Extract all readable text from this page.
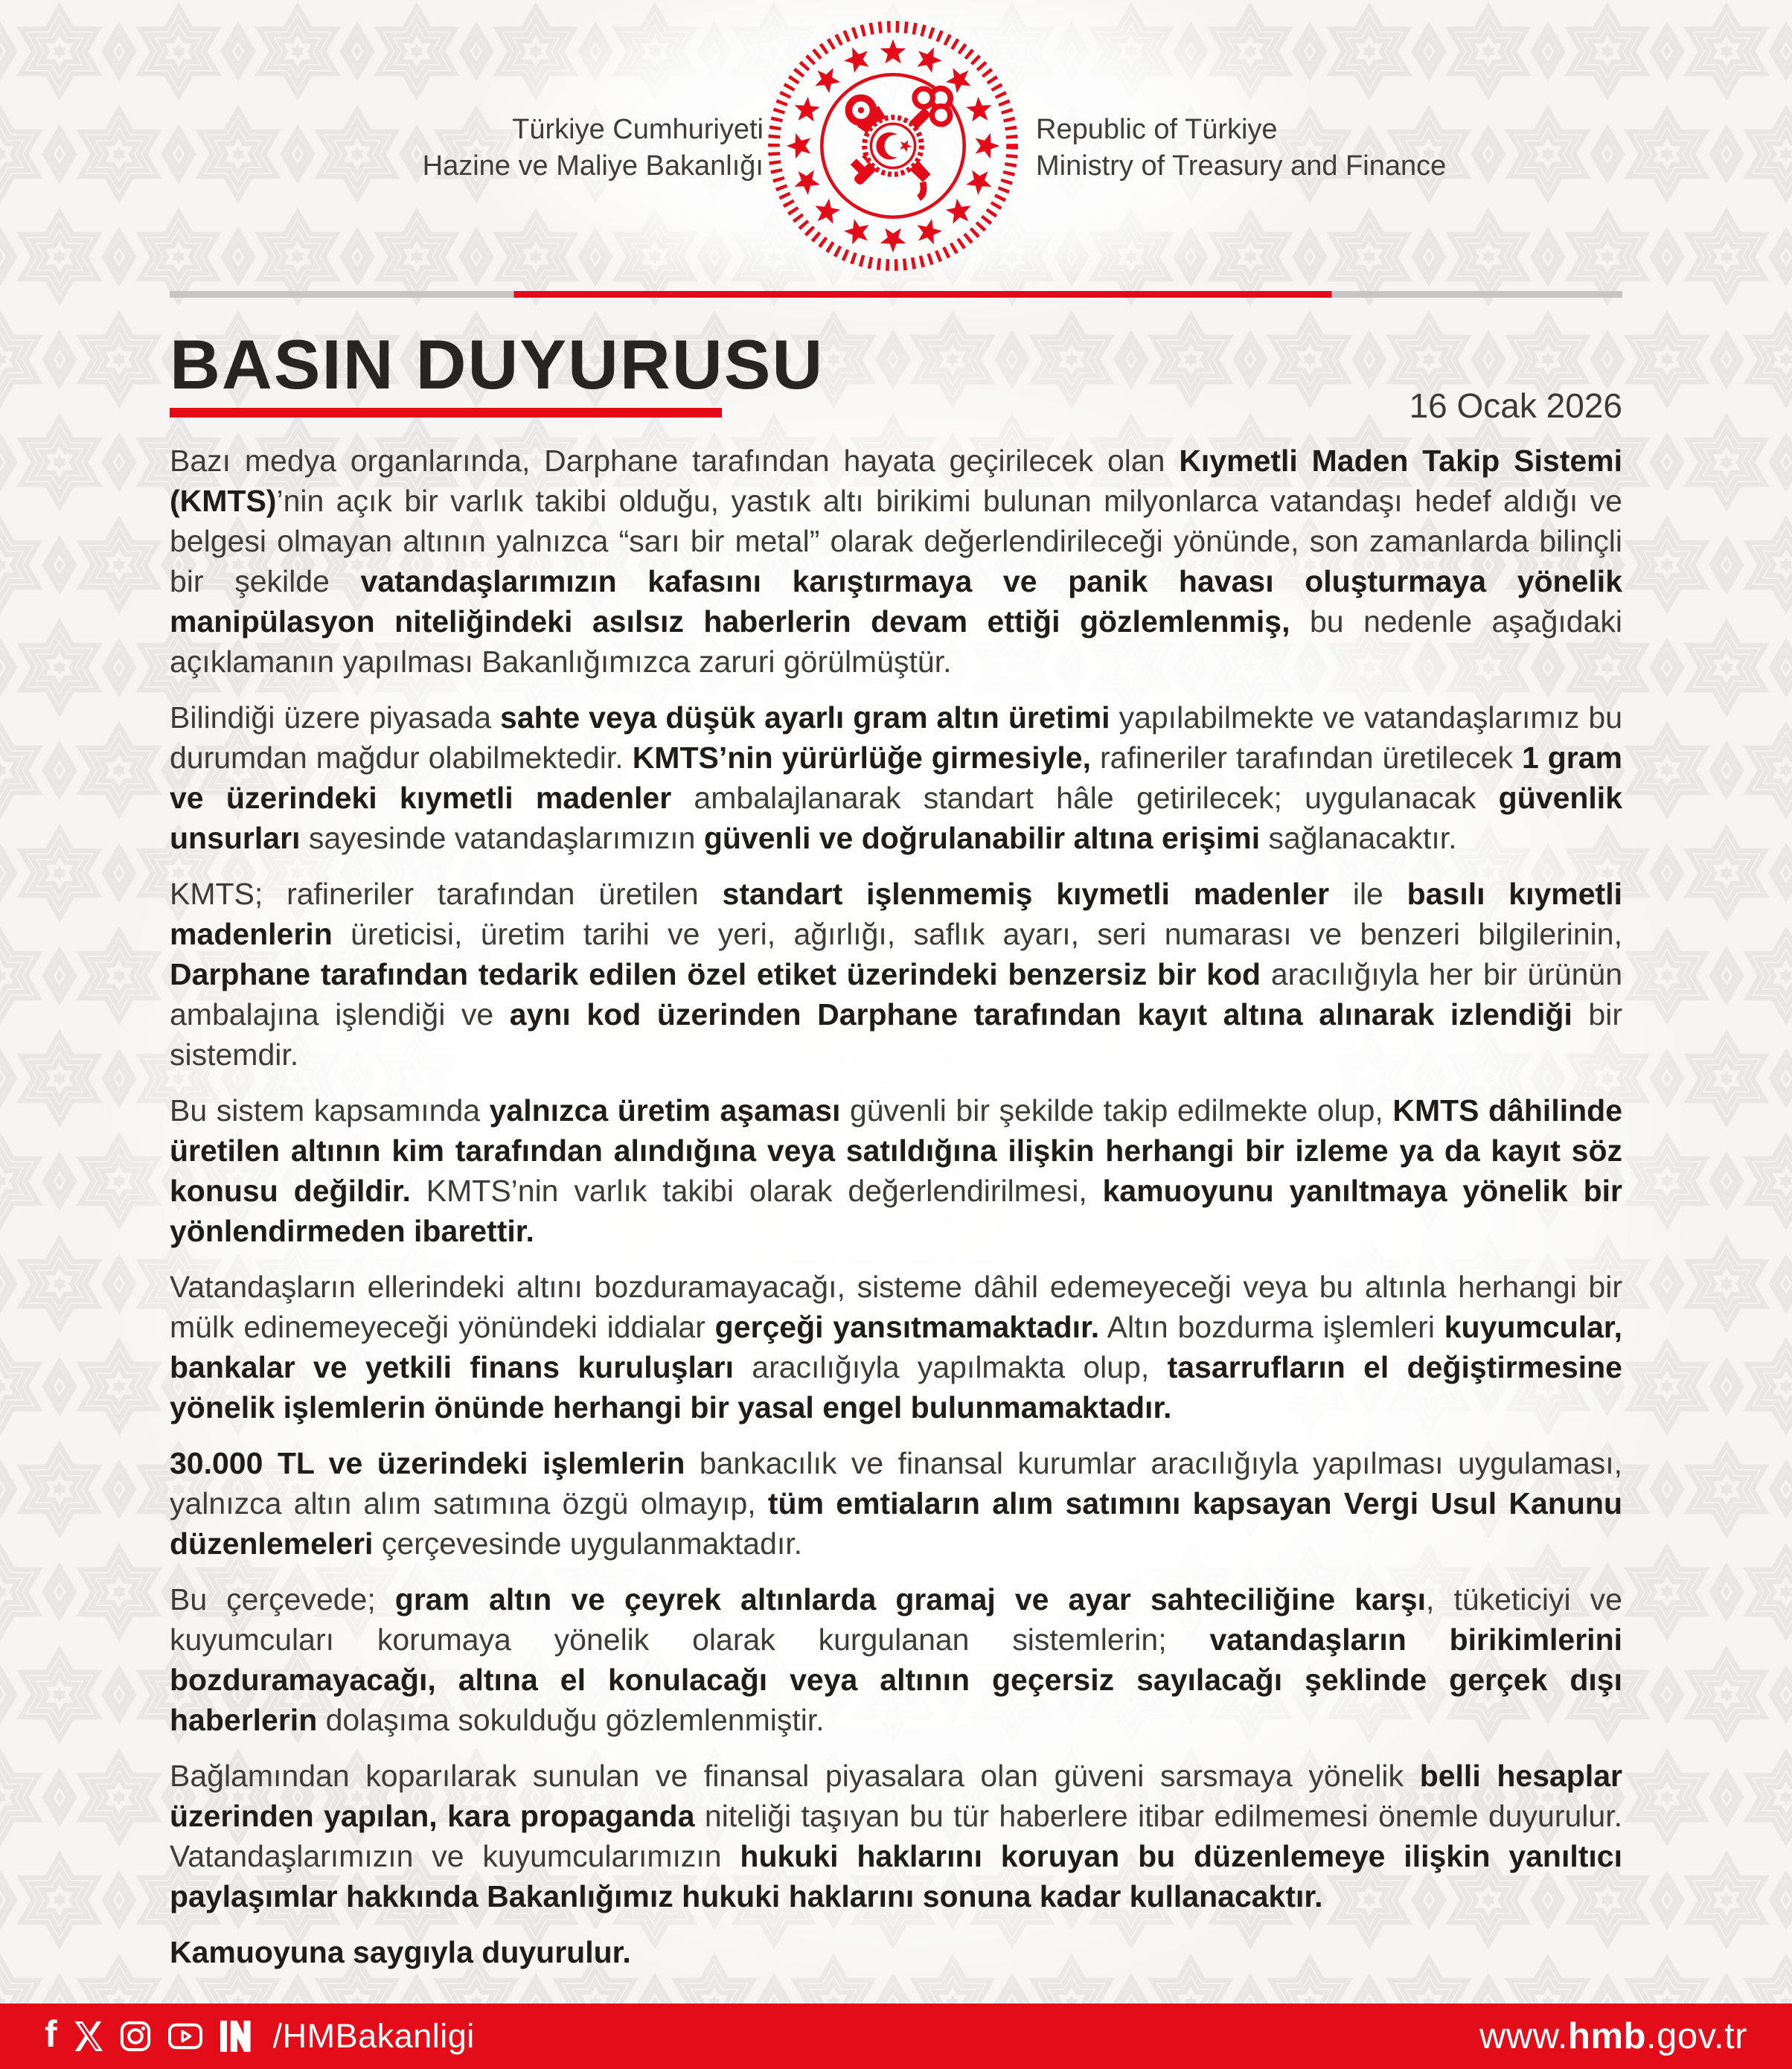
Türkiye Cumhuriyeti
Hazine ve Maliye Bakanlığı
Republic of Türkiye
Ministry of Treasury and Finance
BASIN DUYURUSU
16 Ocak 2026

Bazı medya organlarında, Darphane tarafından hayata geçirilecek olan Kıymetli Maden Takip Sistemi (KMTS)’nin açık bir varlık takibi olduğu, yastık altı birikimi bulunan milyonlarca vatandaşı hedef aldığı ve belgesi olmayan altının yalnızca “sarı bir metal” olarak değerlendirileceği yönünde, son zamanlarda bilinçli bir şekilde vatandaşlarımızın kafasını karıştırmaya ve panik havası oluşturmaya yönelik manipülasyon niteliğindeki asılsız haberlerin devam ettiği gözlemlenmiş, bu nedenle aşağıdaki açıklamanın yapılması Bakanlığımızca zaruri görülmüştür.

Bilindiği üzere piyasada sahte veya düşük ayarlı gram altın üretimi yapılabilmekte ve vatandaşlarımız bu durumdan mağdur olabilmektedir. KMTS’nin yürürlüğe girmesiyle, rafineriler tarafından üretilecek 1 gram ve üzerindeki kıymetli madenler ambalajlanarak standart hâle getirilecek; uygulanacak güvenlik unsurları sayesinde vatandaşlarımızın güvenli ve doğrulanabilir altına erişimi sağlanacaktır.

KMTS; rafineriler tarafından üretilen standart işlenmemiş kıymetli madenler ile basılı kıymetli madenlerin üreticisi, üretim tarihi ve yeri, ağırlığı, saflık ayarı, seri numarası ve benzeri bilgilerinin, Darphane tarafından tedarik edilen özel etiket üzerindeki benzersiz bir kod aracılığıyla her bir ürünün ambalajına işlendiği ve aynı kod üzerinden Darphane tarafından kayıt altına alınarak izlendiği bir sistemdir.

Bu sistem kapsamında yalnızca üretim aşaması güvenli bir şekilde takip edilmekte olup, KMTS dâhilinde üretilen altının kim tarafından alındığına veya satıldığına ilişkin herhangi bir izleme ya da kayıt söz konusu değildir. KMTS’nin varlık takibi olarak değerlendirilmesi, kamuoyunu yanıltmaya yönelik bir yönlendirmeden ibarettir.

Vatandaşların ellerindeki altını bozduramayacağı, sisteme dâhil edemeyeceği veya bu altınla herhangi bir mülk edinemeyeceği yönündeki iddialar gerçeği yansıtmamaktadır. Altın bozdurma işlemleri kuyumcular, bankalar ve yetkili finans kuruluşları aracılığıyla yapılmakta olup, tasarrufların el değiştirmesine yönelik işlemlerin önünde herhangi bir yasal engel bulunmamaktadır.

30.000 TL ve üzerindeki işlemlerin bankacılık ve finansal kurumlar aracılığıyla yapılması uygulaması, yalnızca altın alım satımına özgü olmayıp, tüm emtiaların alım satımını kapsayan Vergi Usul Kanunu düzenlemeleri çerçevesinde uygulanmaktadır.

Bu çerçevede; gram altın ve çeyrek altınlarda gramaj ve ayar sahteciliğine karşı, tüketiciyi ve kuyumcuları korumaya yönelik olarak kurgulanan sistemlerin; vatandaşların birikimlerini bozduramayacağı, altına el konulacağı veya altının geçersiz sayılacağı şeklinde gerçek dışı haberlerin dolaşıma sokulduğu gözlemlenmiştir.

Bağlamından koparılarak sunulan ve finansal piyasalara olan güveni sarsmaya yönelik belli hesaplar üzerinden yapılan, kara propaganda niteliği taşıyan bu tür haberlere itibar edilmemesi önemle duyurulur. Vatandaşlarımızın ve kuyumcularımızın hukuki haklarını koruyan bu düzenlemeye ilişkin yanıltıcı paylaşımlar hakkında Bakanlığımız hukuki haklarını sonuna kadar kullanacaktır.

Kamuoyuna saygıyla duyurulur.

f	/HMBakanligi	www.hmb.gov.tr
